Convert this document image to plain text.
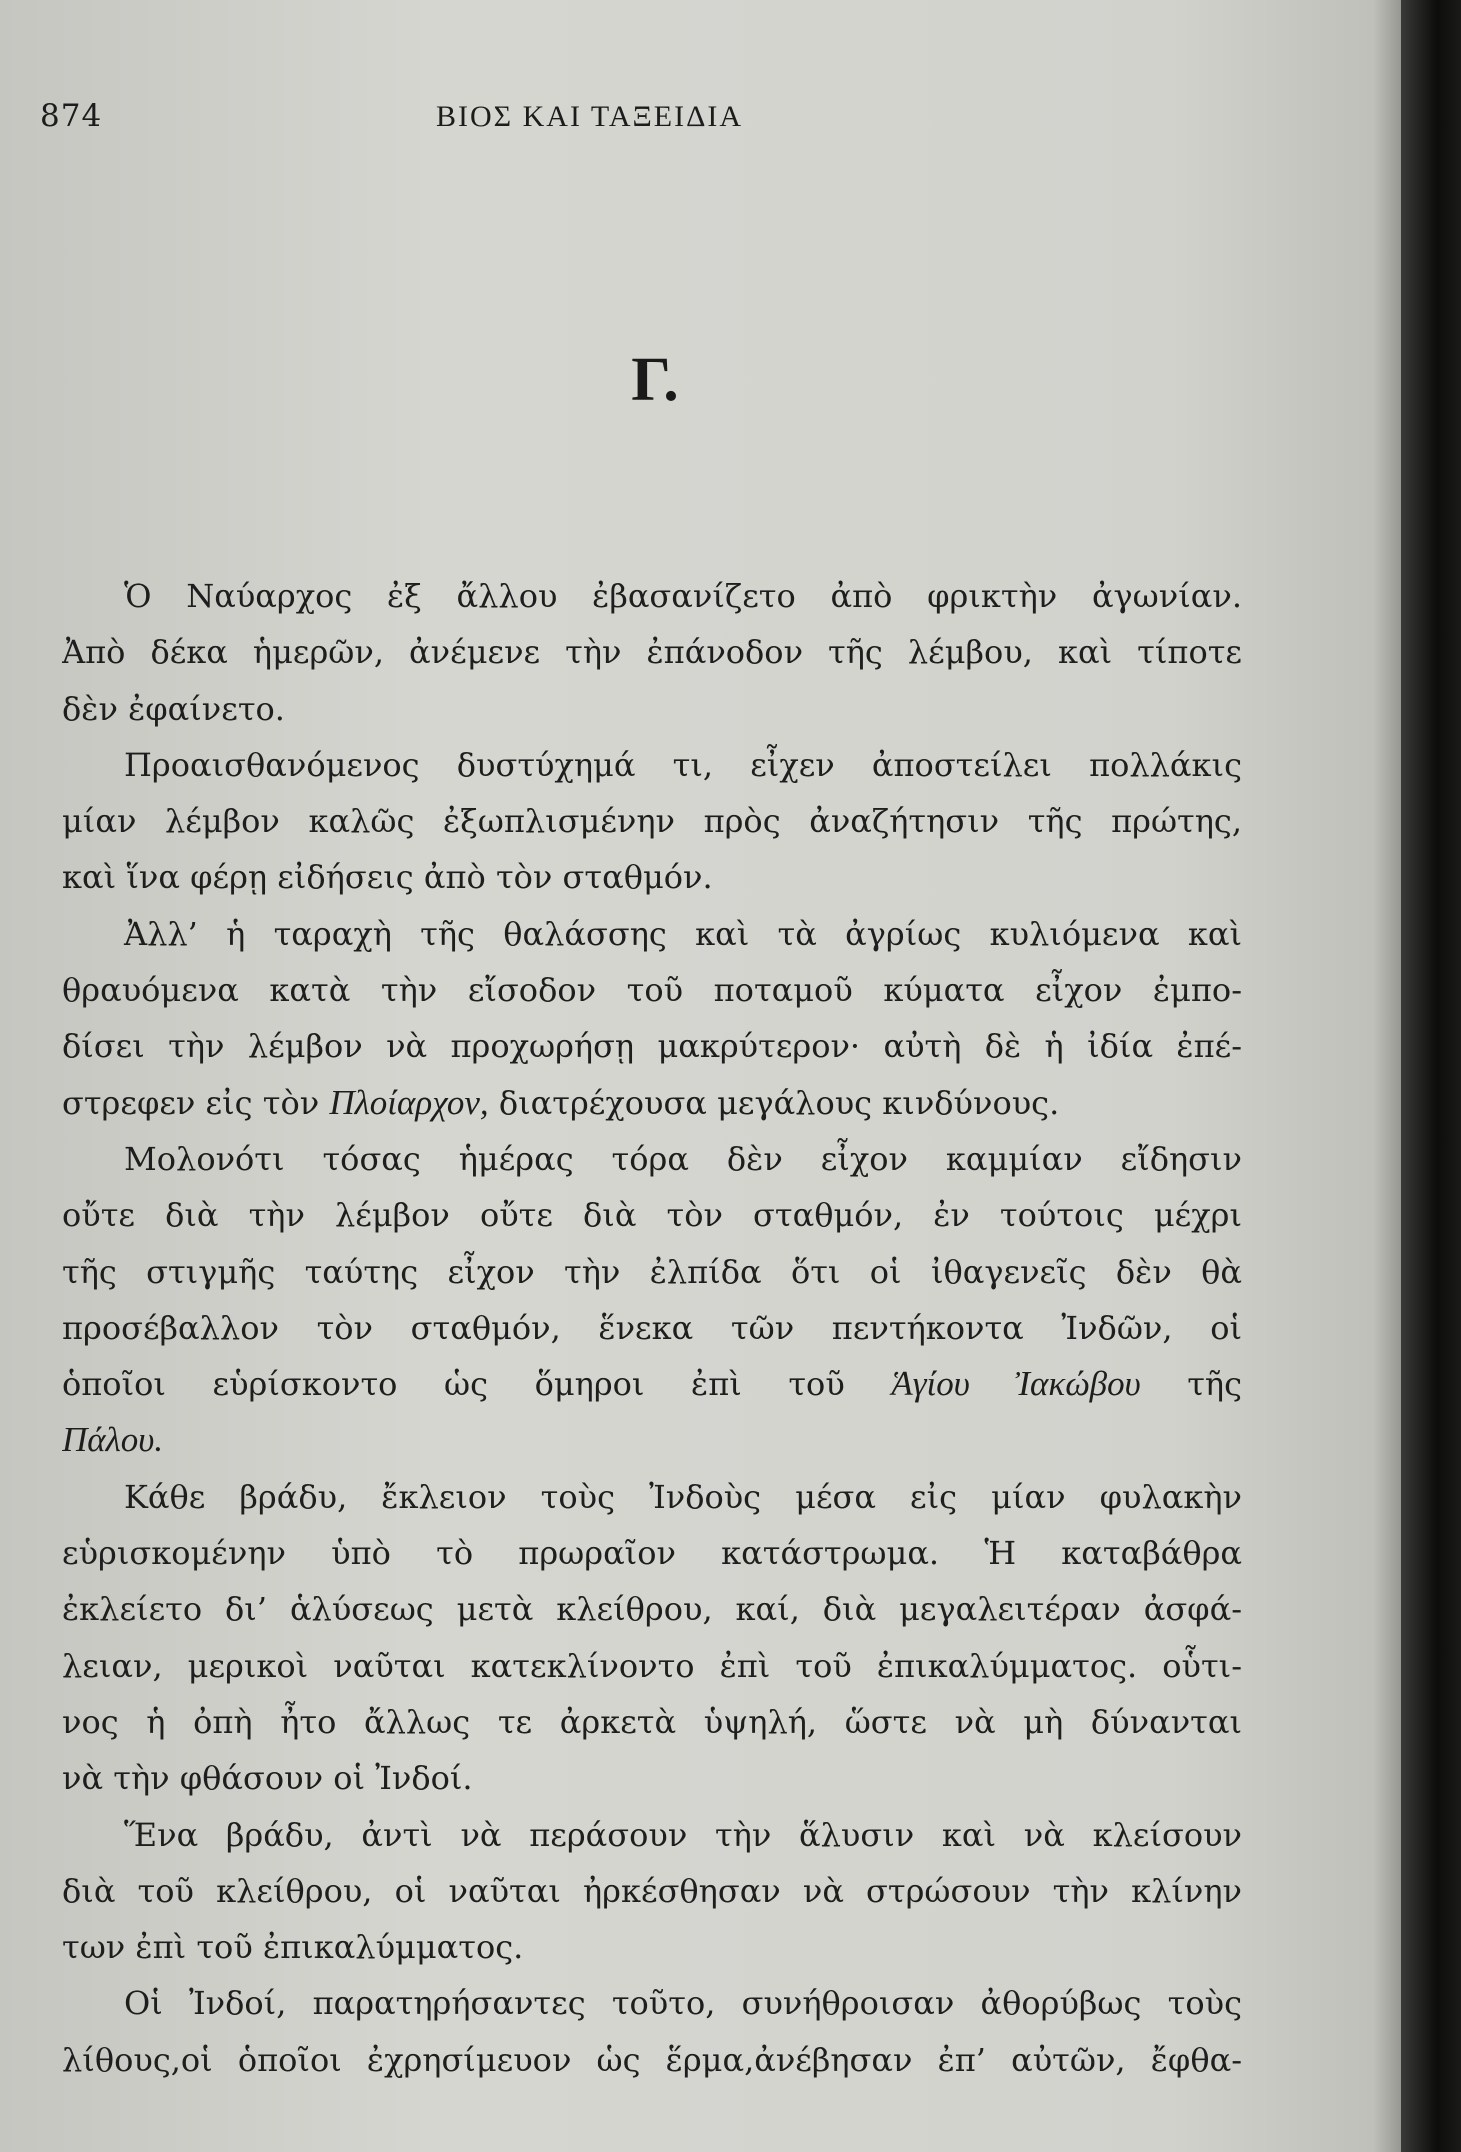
874	ΒΙΟΣ ΚΑΙ ΤΑΞΕΙΔΙΑ
Γ.
Ὁ Ναύαρχος ἐξ ἄλλου ἐβασανίζετο ἀπὸ φρικτὴν ἀγωνίαν.
Ἀπὸ δέκα ἡμερῶν, ἀνέμενε τὴν ἐπάνοδον τῆς λέμβου, καὶ τίποτε
δὲν ἐφαίνετο.
Προαισθανόμενος δυστύχημά τι, εἶχεν ἀποστείλει πολλάκις
μίαν λέμβον καλῶς ἐξωπλισμένην πρὸς ἀναζήτησιν τῆς πρώτης,
καὶ ἵνα φέρῃ εἰδήσεις ἀπὸ τὸν σταθμόν.
Ἀλλ’ ἡ ταραχὴ τῆς θαλάσσης καὶ τὰ ἀγρίως κυλιόμενα καὶ
θραυόμενα κατὰ τὴν εἴσοδον τοῦ ποταμοῦ κύματα εἶχον ἐμπο-
δίσει τὴν λέμβον νὰ προχωρήσῃ μακρύτερον· αὐτὴ δὲ ἡ ἰδία ἐπέ-
στρεφεν εἰς τὸν Πλοίαρχον, διατρέχουσα μεγάλους κινδύνους.
Μολονότι τόσας ἡμέρας τόρα δὲν εἶχον καμμίαν εἴδησιν
οὔτε διὰ τὴν λέμβον οὔτε διὰ τὸν σταθμόν, ἐν τούτοις μέχρι
τῆς στιγμῆς ταύτης εἶχον τὴν ἐλπίδα ὅτι οἱ ἰθαγενεῖς δὲν θὰ
προσέβαλλον τὸν σταθμόν, ἕνεκα τῶν πεντήκοντα Ἰνδῶν, οἱ
ὁποῖοι εὑρίσκοντο ὡς ὅμηροι ἐπὶ τοῦ Ἁγίου Ἰακώβου τῆς
Πάλου.
Κάθε βράδυ, ἔκλειον τοὺς Ἰνδοὺς μέσα εἰς μίαν φυλακὴν
εὑρισκομένην ὑπὸ τὸ πρωραῖον κατάστρωμα. Ἡ καταβάθρα
ἐκλείετο δι’ ἁλύσεως μετὰ κλείθρου, καί, διὰ μεγαλειτέραν ἀσφά-
λειαν, μερικοὶ ναῦται κατεκλίνοντο ἐπὶ τοῦ ἐπικαλύμματος. οὗτι-
νος ἡ ὀπὴ ἦτο ἄλλως τε ἀρκετὰ ὑψηλή, ὥστε νὰ μὴ δύνανται
νὰ τὴν φθάσουν οἱ Ἰνδοί.
Ἕνα βράδυ, ἀντὶ νὰ περάσουν τὴν ἅλυσιν καὶ νὰ κλείσουν
διὰ τοῦ κλείθρου, οἱ ναῦται ἠρκέσθησαν νὰ στρώσουν τὴν κλίνην
των ἐπὶ τοῦ ἐπικαλύμματος.
Οἱ Ἰνδοί, παρατηρήσαντες τοῦτο, συνήθροισαν ἀθορύβως τοὺς
λίθους,οἱ ὁποῖοι ἐχρησίμευον ὡς ἕρμα,ἀνέβησαν ἐπ’ αὐτῶν, ἔφθα-
